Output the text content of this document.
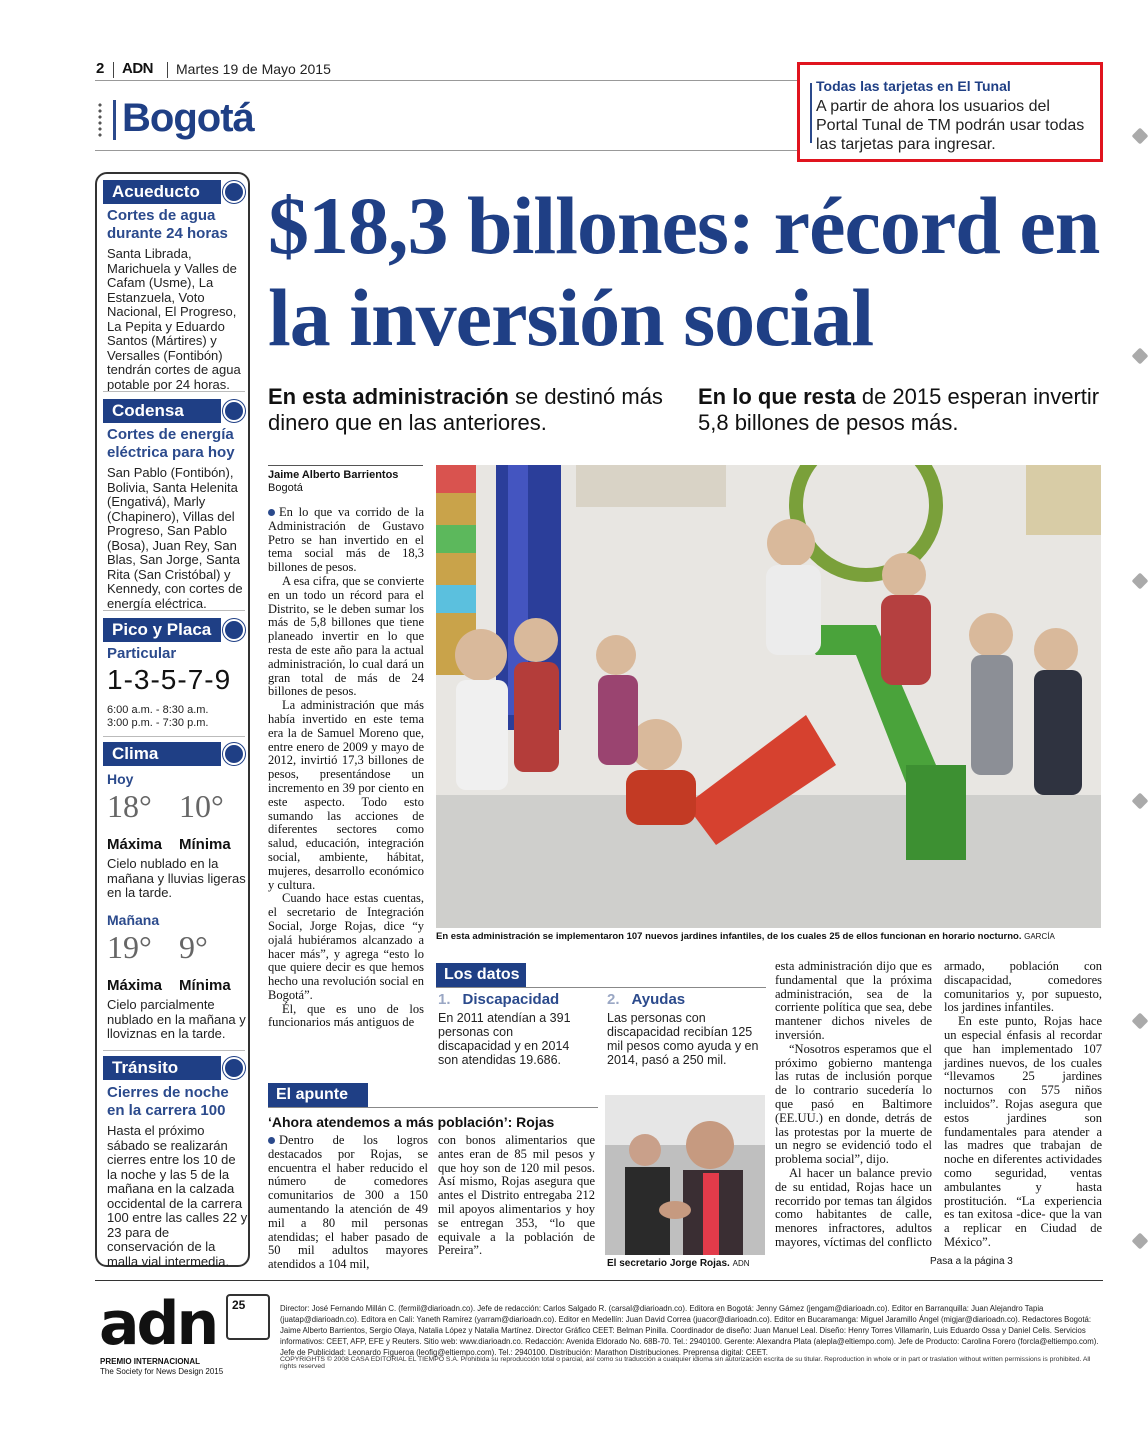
2 ADN Martes 19 de Mayo 2015
Bogotá
Todas las tarjetas en El Tunal
A partir de ahora los usuarios del Portal Tunal de TM podrán usar todas las tarjetas para ingresar.
Acueducto
Cortes de agua durante 24 horas
Santa Librada, Marichuela y Valles de Cafam (Usme), La Estanzuela, Voto Nacional, El Progreso, La Pepita y Eduardo Santos (Mártires) y Versalles (Fontibón) tendrán cortes de agua potable por 24 horas.
Codensa
Cortes de energía eléctrica para hoy
San Pablo (Fontibón), Bolivia, Santa Helenita (Engativá), Marly (Chapinero), Villas del Progreso, San Pablo (Bosa), Juan Rey, San Blas, San Jorge, Santa Rita (San Cristóbal) y Kennedy, con cortes de energía eléctrica.
Pico y Placa
Particular
1-3-5-7-9
6:00 a.m. - 8:30 a.m.
3:00 p.m. - 7:30 p.m.
Clima
Hoy
18° 10°
Máxima Mínima
Cielo nublado en la mañana y lluvias ligeras en la tarde.
Mañana
19° 9°
Máxima Mínima
Cielo parcialmente nublado en la mañana y lloviznas en la tarde.
Tránsito
Cierres de noche en la carrera 100
Hasta el próximo sábado se realizarán cierres entre los 10 de la noche y las 5 de la mañana en la calzada occidental de la carrera 100 entre las calles 22 y 23 para de conservación de la malla vial intermedia.
$18,3 billones: récord en la inversión social
En esta administración se destinó más dinero que en las anteriores.
En lo que resta de 2015 esperan invertir 5,8 billones de pesos más.
Jaime Alberto Barrientos
Bogotá

En lo que va corrido de la Administración de Gustavo Petro se han invertido en el tema social más de 18,3 billones de pesos.

A esa cifra, que se convierte en un todo un récord para el Distrito, se le deben sumar los más de 5,8 billones que tiene planeado invertir en lo que resta de este año para la actual administración, lo cual dará un gran total de más de 24 billones de pesos.

La administración que más había invertido en este tema era la de Samuel Moreno que, entre enero de 2009 y mayo de 2012, invirtió 17,3 billones de pesos, presentándose un incremento en 39 por ciento en este aspecto. Todo esto sumando las acciones de diferentes sectores como salud, educación, integración social, ambiente, hábitat, mujeres, desarrollo económico y cultura.

Cuando hace estas cuentas, el secretario de Integración Social, Jorge Rojas, dice “y ojalá hubiéramos alcanzado a hacer más”, y agrega “esto lo que quiere decir es que hemos hecho una revolución social en Bogotá”.

Él, que es uno de los funcionarios más antiguos de

En esta administración se implementaron 107 nuevos jardines infantiles, de los cuales 25 de ellos funcionan en horario nocturno. GARCÍA
Los datos
1. Discapacidad
En 2011 atendían a 391 personas con discapacidad y en 2014 son atendidas 19.686.
2. Ayudas
Las personas con discapacidad recibían 125 mil pesos como ayuda y en 2014, pasó a 250 mil.

esta administración dijo que es fundamental que la próxima administración, sea de la corriente política que sea, debe mantener dichos niveles de inversión.

“Nosotros esperamos que el próximo gobierno mantenga las rutas de inclusión porque de lo contrario sucedería lo que pasó en Baltimore (EE.UU.) en donde, detrás de las protestas por la muerte de un negro se evidenció todo el problema social”, dijo.

Al hacer un balance previo de su entidad, Rojas hace un recorrido por temas tan álgidos como habitantes de calle, menores infractores, adultos mayores, víctimas del conflicto

armado, población con discapacidad, comedores comunitarios y, por supuesto, los jardines infantiles.

En este punto, Rojas hace un especial énfasis al recordar que han implementado 107 jardines nuevos, de los cuales “llevamos 25 jardines nocturnos con 575 niños incluidos”. Rojas asegura que estos jardines son fundamentales para atender a las madres que trabajan de noche en diferentes actividades como seguridad, ventas ambulantes y hasta prostitución. “La experiencia es tan exitosa -dice- que la van a replicar en Ciudad de México”.

Pasa a la página 3
El apunte
‘Ahora atendemos a más población’: Rojas

Dentro de los logros destacados por Rojas, se encuentra el haber reducido el número de comedores comunitarios de 300 a 150 aumentando la atención de 49 mil a 80 mil personas atendidas; el haber pasado de 50 mil adultos mayores atendidos a 104 mil,

con bonos alimentarios que antes eran de 85 mil pesos y que hoy son de 120 mil pesos. Así mismo, Rojas asegura que antes el Distrito entregaba 212 mil apoyos alimentarios y hoy se entregan 353, “lo que equivale a la población de Pereira”.

El secretario Jorge Rojas. ADN
adn 25
PREMIO INTERNACIONAL
The Society for News Design 2015
Director: José Fernando Millán C. (fermil@diarioadn.co). Jefe de redacción: Carlos Salgado R. (carsal@diarioadn.co). Editora en Bogotá: Jenny Gámez (jengam@diarioadn.co). Editor en Barranquilla: Juan Alejandro Tapia (juatap@diarioadn.co). Editora en Cali: Yaneth Ramírez (yarram@diarioadn.co). Editor en Medellín: Juan David Correa (juacor@diarioadn.co). Editor en Bucaramanga: Miguel Jaramillo Ángel (migjar@diarioadn.co). Redactores Bogotá: Jaime Alberto Barrientos, Sergio Olaya, Natalia López y Natalia Martínez. Director Gráfico CEET: Belman Pinilla. Coordinador de diseño: Juan Manuel Leal. Diseño: Henry Torres Villamarín, Luis Eduardo Ossa y Daniel Celis. Servicios informativos: CEET, AFP, EFE y Reuters. Sitio web: www.diarioadn.co. Redacción: Avenida Eldorado No. 68B-70. Tel.: 2940100. Gerente: Alexandra Plata (alepla@eltiempo.com). Jefe de Producto: Carolina Forero (forcla@eltiempo.com). Jefe de Publicidad: Leonardo Figueroa (leofig@eltiempo.com). Tel.: 2940100. Distribución: Marathon Distribuciones. Preprensa digital: CEET.
COPYRIGHTS © 2008 CASA EDITORIAL EL TIEMPO S.A. Prohibida su reproducción total o parcial, así como su traducción a cualquier idioma sin autorización escrita de su titular. Reproduction in whole or in part or traslation without written permissions is prohibited. All rights reserved
